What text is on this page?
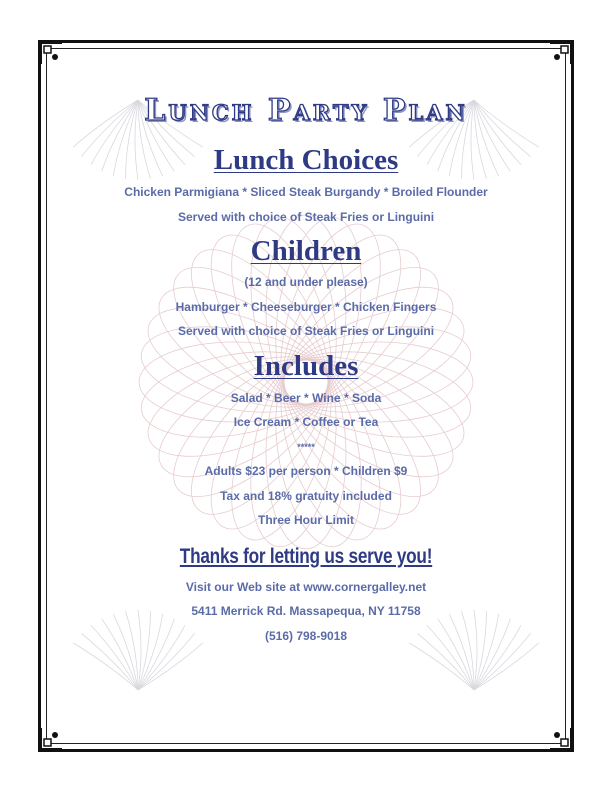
Lunch Party Plan
Lunch Choices

Chicken Parmigiana * Sliced Steak Burgandy * Broiled Flounder

Served with choice of Steak Fries or Linguini

Children

(12 and under please)

Hamburger * Cheeseburger * Chicken Fingers

Served with choice of Steak Fries or Linguini

Includes

Salad * Beer * Wine * Soda

Ice Cream * Coffee or Tea

*****

Adults $23 per person * Children $9

Tax and 18% gratuity included

Three Hour Limit

Thanks for letting us serve you!

Visit our Web site at www.cornergalley.net

5411 Merrick Rd. Massapequa, NY 11758

(516) 798-9018
